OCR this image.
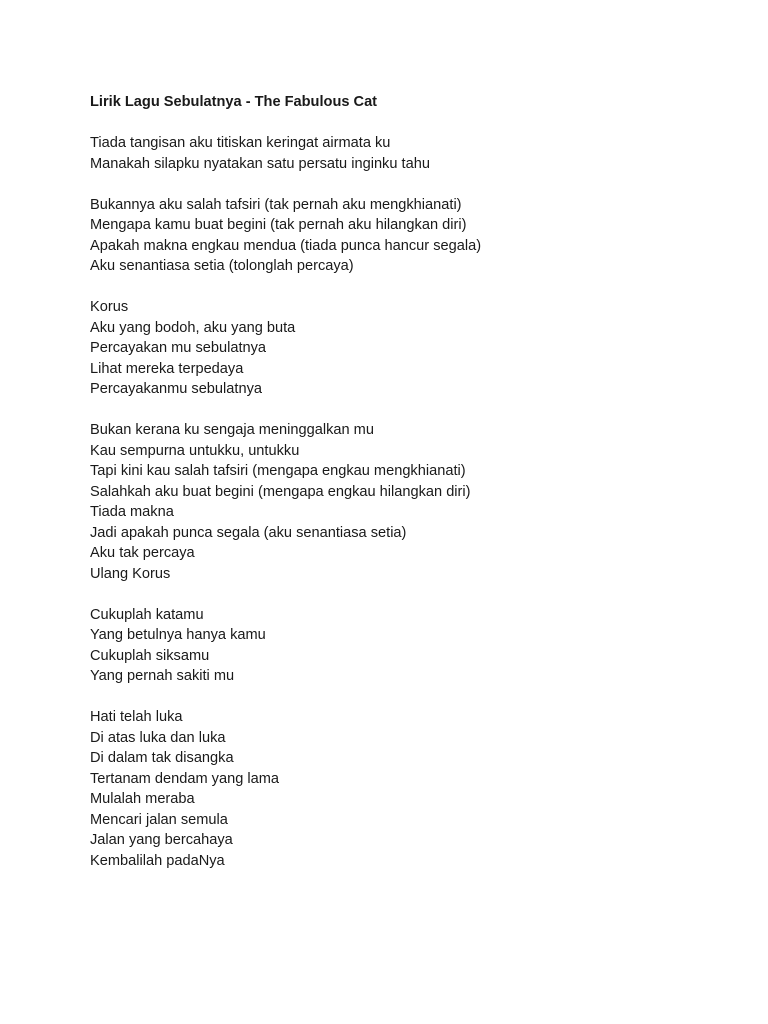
Lirik Lagu Sebulatnya - The Fabulous Cat
Tiada tangisan aku titiskan keringat airmata ku
Manakah silapku nyatakan satu persatu inginku tahu
Bukannya aku salah tafsiri (tak pernah aku mengkhianati)
Mengapa kamu buat begini (tak pernah aku hilangkan diri)
Apakah makna engkau mendua (tiada punca hancur segala)
Aku senantiasa setia (tolonglah percaya)
Korus
Aku yang bodoh, aku yang buta
Percayakan mu sebulatnya
Lihat mereka terpedaya
Percayakanmu sebulatnya
Bukan kerana ku sengaja meninggalkan mu
Kau sempurna untukku, untukku
Tapi kini kau salah tafsiri (mengapa engkau mengkhianati)
Salahkah aku buat begini (mengapa engkau hilangkan diri)
Tiada makna
Jadi apakah punca segala (aku senantiasa setia)
Aku tak percaya
Ulang Korus
Cukuplah katamu
Yang betulnya hanya kamu
Cukuplah siksamu
Yang pernah sakiti mu
Hati telah luka
Di atas luka dan luka
Di dalam tak disangka
Tertanam dendam yang lama
Mulalah meraba
Mencari jalan semula
Jalan yang bercahaya
Kembalilah padaNya
